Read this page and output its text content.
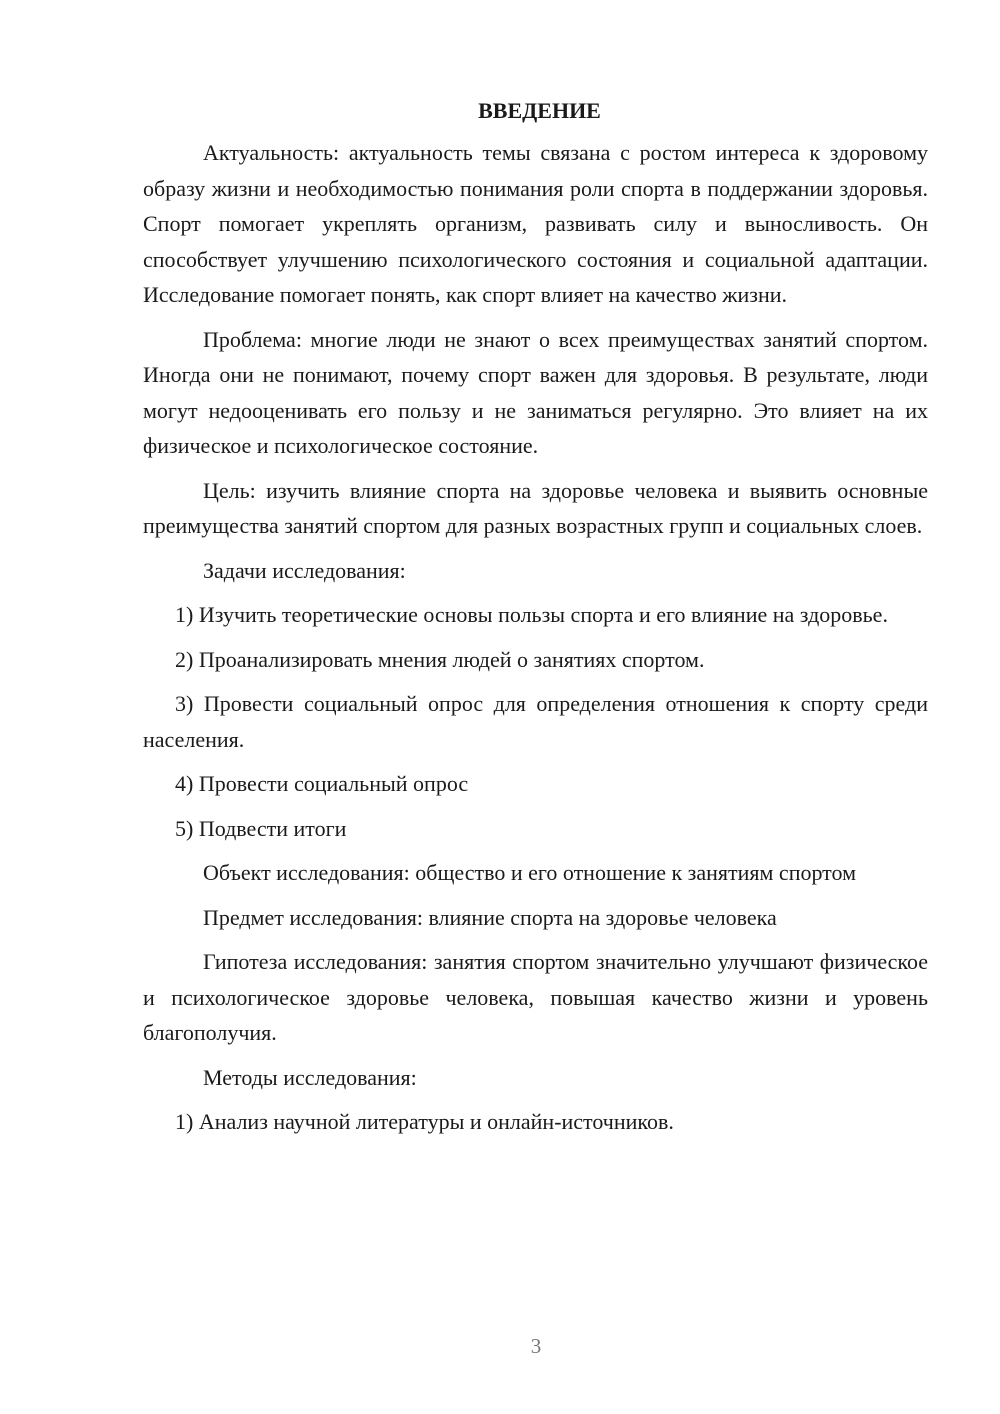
ВВЕДЕНИЕ

Актуальность: актуальность темы связана с ростом интереса к здоровому образу жизни и необходимостью понимания роли спорта в поддержании здоровья. Спорт помогает укреплять организм, развивать силу и выносливость. Он способствует улучшению психологического состояния и социальной адаптации. Исследование помогает понять, как спорт влияет на качество жизни.

Проблема: многие люди не знают о всех преимуществах занятий спортом. Иногда они не понимают, почему спорт важен для здоровья. В результате, люди могут недооценивать его пользу и не заниматься регулярно. Это влияет на их физическое и психологическое состояние.

Цель: изучить влияние спорта на здоровье человека и выявить основные преимущества занятий спортом для разных возрастных групп и социальных слоев.

Задачи исследования:

1) Изучить теоретические основы пользы спорта и его влияние на здоровье.

2) Проанализировать мнения людей о занятиях спортом.

3) Провести социальный опрос для определения отношения к спорту среди населения.

4) Провести социальный опрос

5) Подвести итоги

Объект исследования: общество и его отношение к занятиям спортом

Предмет исследования: влияние спорта на здоровье человека

Гипотеза исследования: занятия спортом значительно улучшают физическое и психологическое здоровье человека, повышая качество жизни и уровень благополучия.

Методы исследования:

1) Анализ научной литературы и онлайн-источников.

3
